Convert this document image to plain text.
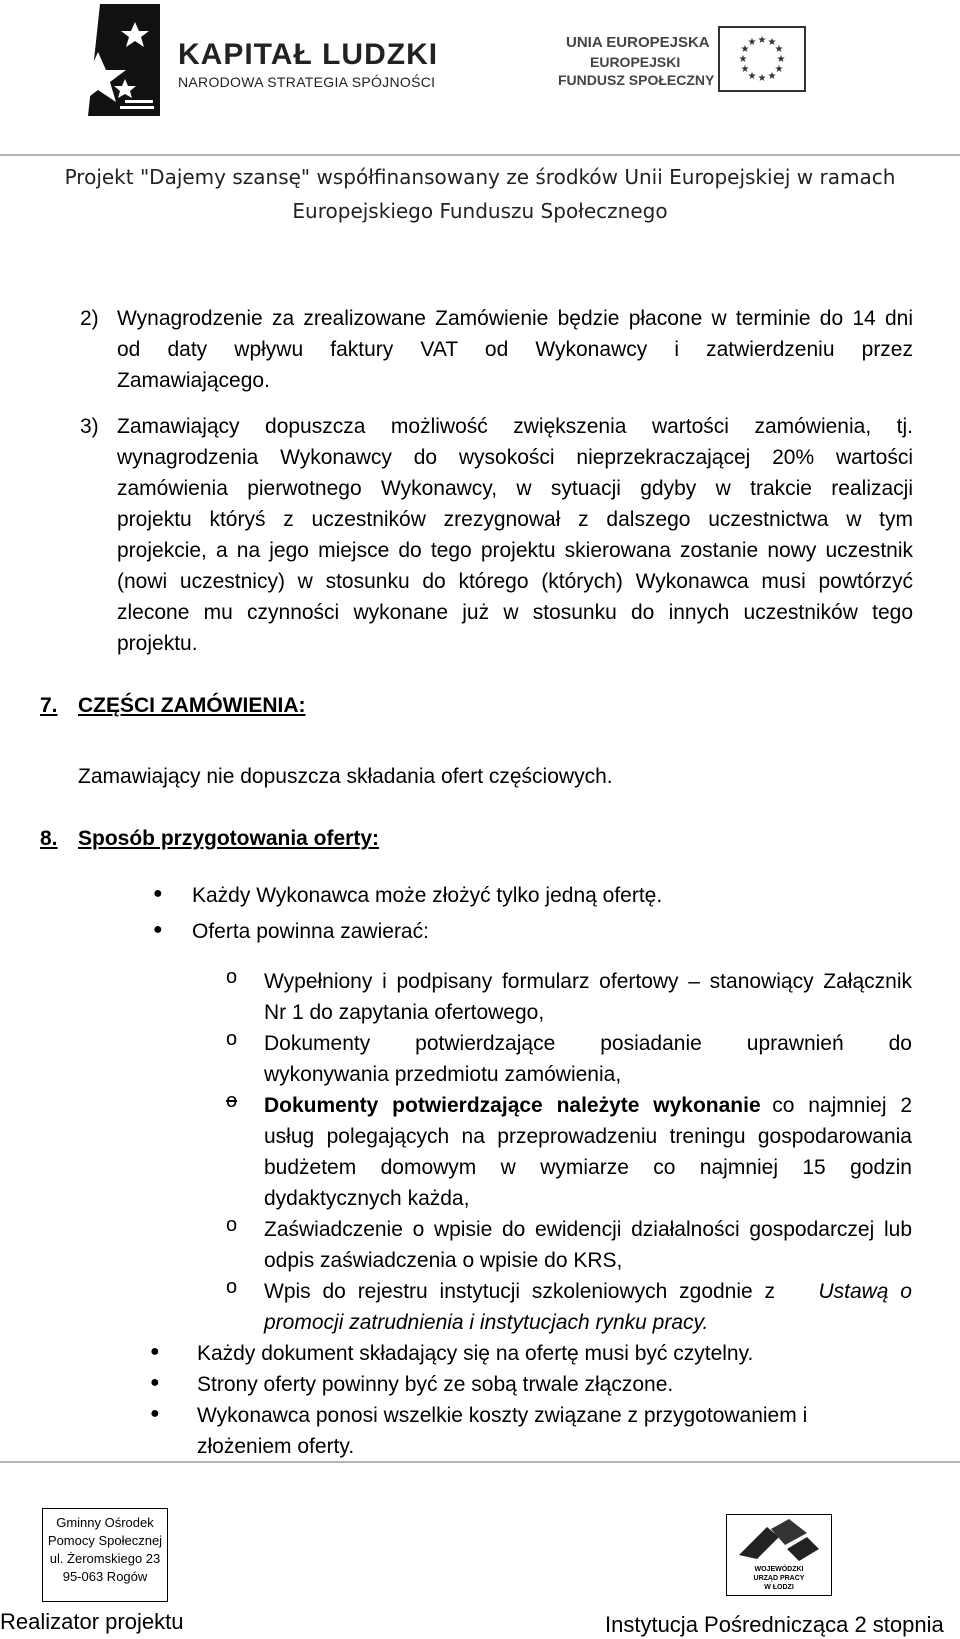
KAPITAŁ LUDZKI
NARODOWA STRATEGIA SPÓJNOŚCI
UNIA EUROPEJSKA
EUROPEJSKI
FUNDUSZ SPOŁECZNY
★ ★
★
★
★
★
★
★
★
★
★
★
Projekt "Dajemy szansę" współfinansowany ze środków Unii Europejskiej w ramach
Europejskiego Funduszu Społecznego
2) Wynagrodzenie za zrealizowane Zamówienie będzie płacone w terminie do 14 dni
od daty wpływu faktury VAT od Wykonawcy i zatwierdzeniu przez
Zamawiającego.
3) Zamawiający dopuszcza możliwość zwiększenia wartości zamówienia, tj.
wynagrodzenia Wykonawcy do wysokości nieprzekraczającej 20% wartości
zamówienia pierwotnego Wykonawcy, w sytuacji gdyby w trakcie realizacji
projektu któryś z uczestników zrezygnował z dalszego uczestnictwa w tym
projekcie, a na jego miejsce do tego projektu skierowana zostanie nowy uczestnik
(nowi uczestnicy) w stosunku do którego (których) Wykonawca musi powtórzyć
zlecone mu czynności wykonane już w stosunku do innych uczestników tego
projektu.
7. CZĘŚCI ZAMÓWIENIA:
Zamawiający nie dopuszcza składania ofert częściowych.
8. Sposób przygotowania oferty:
● Każdy Wykonawca może złożyć tylko jedną ofertę.
● Oferta powinna zawierać:
o Wypełniony i podpisany formularz ofertowy – stanowiący Załącznik
Nr 1 do zapytania ofertowego,
o Dokumenty potwierdzające posiadanie uprawnień do
wykonywania przedmiotu zamówienia,
o Dokumenty potwierdzające należyte wykonanie co najmniej 2
usług polegających na przeprowadzeniu treningu gospodarowania
budżetem domowym w wymiarze co najmniej 15 godzin
dydaktycznych każda,
o Zaświadczenie o wpisie do ewidencji działalności gospodarczej lub
odpis zaświadczenia o wpisie do KRS,
o Wpis do rejestru instytucji szkoleniowych zgodnie z Ustawą o
promocji zatrudnienia i instytucjach rynku pracy.
● Każdy dokument składający się na ofertę musi być czytelny.
● Strony oferty powinny być ze sobą trwale złączone.
● Wykonawca ponosi wszelkie koszty związane z przygotowaniem i
złożeniem oferty.
Gminny Ośrodek
Pomocy Społecznej
ul. Żeromskiego 23
95-063 Rogów
Realizator projektu
WOJEWÓDZKI
URZĄD PRACY
W ŁODZI
Instytucja Pośrednicząca 2 stopnia
